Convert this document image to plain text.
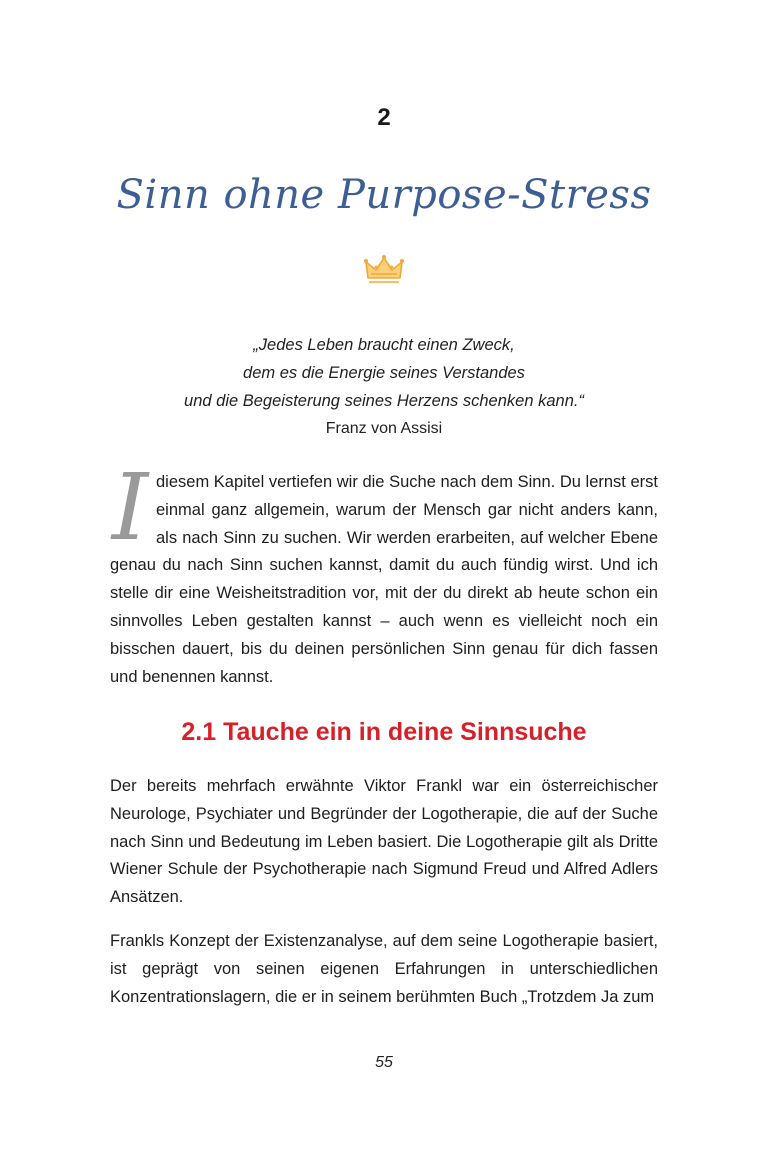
2
Sinn ohne Purpose-Stress
„Jedes Leben braucht einen Zweck,
dem es die Energie seines Verstandes
und die Begeisterung seines Herzens schenken kann.“
Franz von Assisi
I diesem Kapitel vertiefen wir die Suche nach dem Sinn. Du lernst erst einmal ganz allgemein, warum der Mensch gar nicht anders kann, als nach Sinn zu suchen. Wir werden erarbeiten, auf welcher Ebene genau du nach Sinn suchen kannst, damit du auch fündig wirst. Und ich stelle dir eine Weisheitstradition vor, mit der du direkt ab heute schon ein sinnvolles Leben gestalten kannst – auch wenn es vielleicht noch ein bisschen dauert, bis du deinen persönlichen Sinn genau für dich fassen und benennen kannst.
2.1 Tauche ein in deine Sinnsuche

Der bereits mehrfach erwähnte Viktor Frankl war ein österreichischer Neurologe, Psychiater und Begründer der Logotherapie, die auf der Suche nach Sinn und Bedeutung im Leben basiert. Die Logotherapie gilt als Dritte Wiener Schule der Psychotherapie nach Sigmund Freud und Alfred Adlers Ansätzen.

Frankls Konzept der Existenzanalyse, auf dem seine Logotherapie basiert, ist geprägt von seinen eigenen Erfahrungen in unterschiedlichen Konzentrationslagern, die er in seinem berühmten Buch „Trotzdem Ja zum

55
